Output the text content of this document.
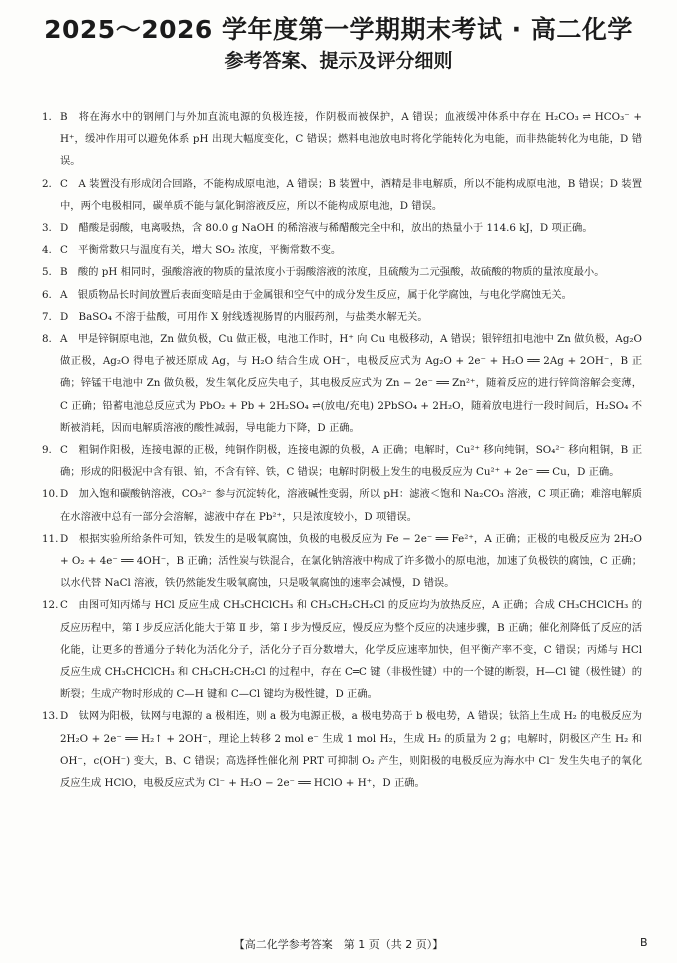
2025～2026 学年度第一学期期末考试 · 高二化学
参考答案、提示及评分细则
1. B　将在海水中的钢闸门与外加直流电源的负极连接，作阴极而被保护，A 错误；血液缓冲体系中存在 H₂CO₃ ⇌ HCO₃⁻ + H⁺，缓冲作用可以避免体系 pH 出现大幅度变化，C 错误；燃料电池放电时将化学能转化为电能，而非热能转化为电能，D 错误。
2. C　A 装置没有形成闭合回路，不能构成原电池，A 错误；B 装置中，酒精是非电解质，所以不能构成原电池，B 错误；D 装置中，两个电极相同，碳单质不能与氯化铜溶液反应，所以不能构成原电池，D 错误。
3. D　醋酸是弱酸，电离吸热，含 80.0 g NaOH 的稀溶液与稀醋酸完全中和，放出的热量小于 114.6 kJ，D 项正确。
4. C　平衡常数只与温度有关，增大 SO₂ 浓度，平衡常数不变。
5. B　酸的 pH 相同时，强酸溶液的物质的量浓度小于弱酸溶液的浓度，且硫酸为二元强酸，故硫酸的物质的量浓度最小。
6. A　银质物品长时间放置后表面变暗是由于金属银和空气中的成分发生反应，属于化学腐蚀，与电化学腐蚀无关。
7. D　BaSO₄ 不溶于盐酸，可用作 X 射线透视肠胃的内服药剂，与盐类水解无关。
8. A　甲是锌铜原电池，Zn 做负极，Cu 做正极，电池工作时，H⁺ 向 Cu 电极移动，A 错误；银锌纽扣电池中 Zn 做负极，Ag₂O 做正极，Ag₂O 得电子被还原成 Ag，与 H₂O 结合生成 OH⁻，电极反应式为 Ag₂O + 2e⁻ + H₂O ══ 2Ag + 2OH⁻，B 正确；锌锰干电池中 Zn 做负极，发生氧化反应失电子，其电极反应式为 Zn − 2e⁻ ══ Zn²⁺，随着反应的进行锌筒溶解会变薄，C 正确；铅蓄电池总反应式为 PbO₂ + Pb + 2H₂SO₄ ⇌(放电/充电) 2PbSO₄ + 2H₂O，随着放电进行一段时间后，H₂SO₄ 不断被消耗，因而电解质溶液的酸性减弱，导电能力下降，D 正确。
9. C　粗铜作阳极，连接电源的正极，纯铜作阴极，连接电源的负极，A 正确；电解时，Cu²⁺ 移向纯铜，SO₄²⁻ 移向粗铜，B 正确；形成的阳极泥中含有银、铂，不含有锌、铁，C 错误；电解时阴极上发生的电极反应为 Cu²⁺ + 2e⁻ ══ Cu，D 正确。
10. D　加入饱和碳酸钠溶液，CO₃²⁻ 参与沉淀转化，溶液碱性变弱，所以 pH：滤液＜饱和 Na₂CO₃ 溶液，C 项正确；难溶电解质在水溶液中总有一部分会溶解，滤液中存在 Pb²⁺，只是浓度较小，D 项错误。
11. D　根据实验所给条件可知，铁发生的是吸氧腐蚀，负极的电极反应为 Fe − 2e⁻ ══ Fe²⁺，A 正确；正极的电极反应为 2H₂O + O₂ + 4e⁻ ══ 4OH⁻，B 正确；活性炭与铁混合，在氯化钠溶液中构成了许多微小的原电池，加速了负极铁的腐蚀，C 正确；以水代替 NaCl 溶液，铁仍然能发生吸氧腐蚀，只是吸氧腐蚀的速率会减慢，D 错误。
12. C　由图可知丙烯与 HCl 反应生成 CH₃CHClCH₃ 和 CH₃CH₂CH₂Cl 的反应均为放热反应，A 正确；合成 CH₃CHClCH₃ 的反应历程中，第 Ⅰ 步反应活化能大于第 Ⅱ 步，第 Ⅰ 步为慢反应，慢反应为整个反应的决速步骤，B 正确；催化剂降低了反应的活化能，让更多的普通分子转化为活化分子，活化分子百分数增大，化学反应速率加快，但平衡产率不变，C 错误；丙烯与 HCl 反应生成 CH₃CHClCH₃ 和 CH₃CH₂CH₂Cl 的过程中，存在 C═C 键（非极性键）中的一个键的断裂，H—Cl 键（极性键）的断裂；生成产物时形成的 C—H 键和 C—Cl 键均为极性键，D 正确。
13. D　钛网为阳极，钛网与电源的 a 极相连，则 a 极为电源正极，a 极电势高于 b 极电势，A 错误；钛箔上生成 H₂ 的电极反应为 2H₂O + 2e⁻ ══ H₂↑ + 2OH⁻，理论上转移 2 mol e⁻ 生成 1 mol H₂，生成 H₂ 的质量为 2 g；电解时，阴极区产生 H₂ 和 OH⁻，c(OH⁻) 变大，B、C 错误；高选择性催化剂 PRT 可抑制 O₂ 产生，则阳极的电极反应为海水中 Cl⁻ 发生失电子的氧化反应生成 HClO，电极反应式为 Cl⁻ + H₂O − 2e⁻ ══ HClO + H⁺，D 正确。
【高二化学参考答案　第 1 页（共 2 页）】	B
